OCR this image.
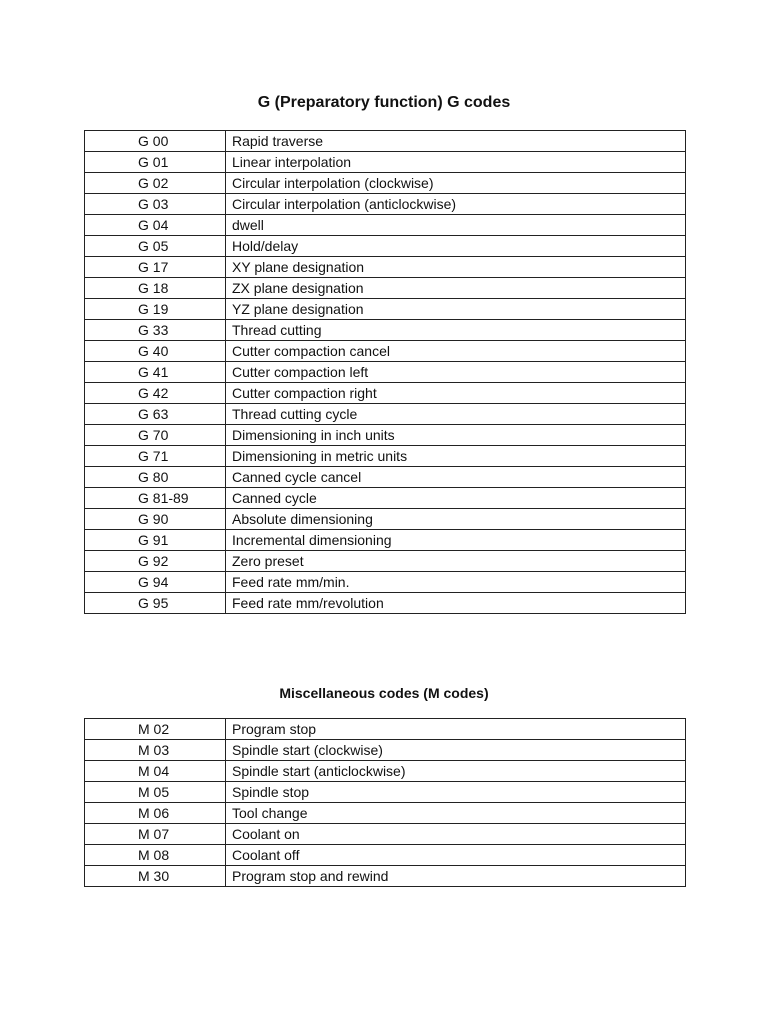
G (Preparatory function) G codes
G 00	Rapid traverse
G 01	Linear interpolation
G 02	Circular interpolation (clockwise)
G 03	Circular interpolation (anticlockwise)
G 04	dwell
G 05	Hold/delay
G 17	XY plane designation
G 18	ZX plane designation
G 19	YZ plane designation
G 33	Thread cutting
G 40	Cutter compaction cancel
G 41	Cutter compaction left
G 42	Cutter compaction right
G 63	Thread cutting cycle
G 70	Dimensioning in inch units
G 71	Dimensioning in metric units
G 80	Canned cycle cancel
G 81-89	Canned cycle
G 90	Absolute dimensioning
G 91	Incremental dimensioning
G 92	Zero preset
G 94	Feed rate mm/min.
G 95	Feed rate mm/revolution
Miscellaneous codes (M codes)
M 02	Program stop
M 03	Spindle start (clockwise)
M 04	Spindle start (anticlockwise)
M 05	Spindle stop
M 06	Tool change
M 07	Coolant on
M 08	Coolant off
M 30	Program stop and rewind
